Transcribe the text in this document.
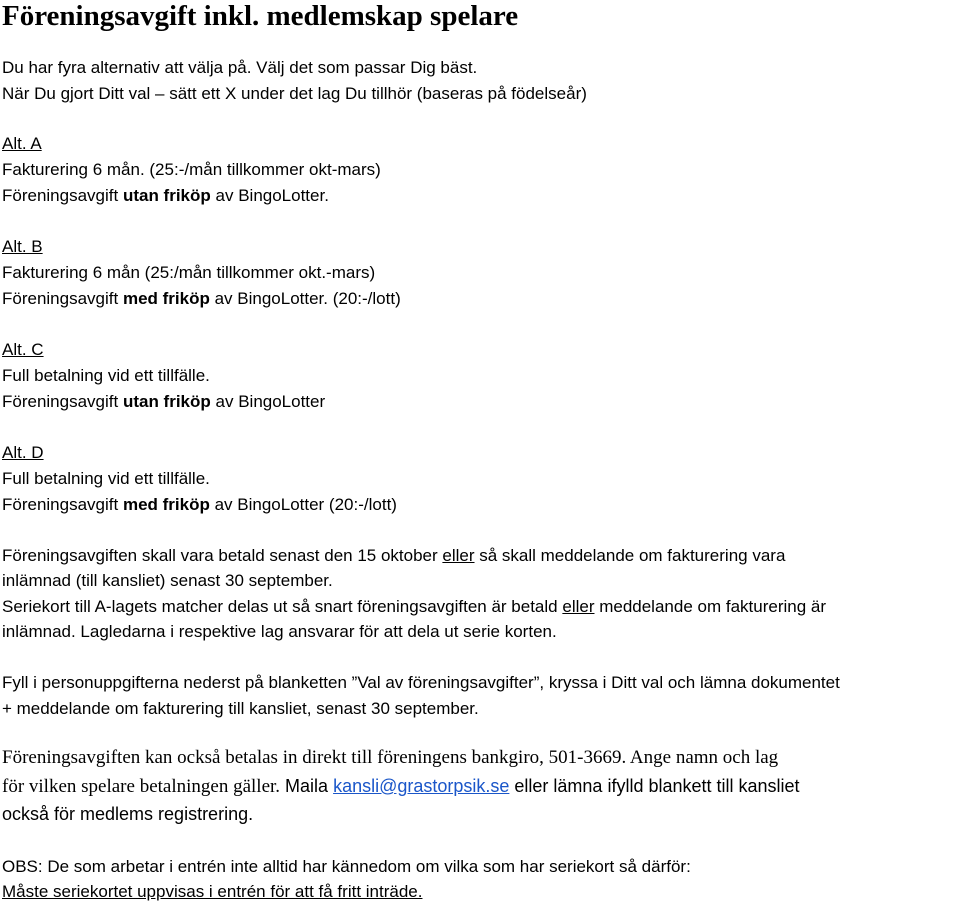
Föreningsavgift inkl. medlemskap spelare
Du har fyra alternativ att välja på. Välj det som passar Dig bäst.
När Du gjort Ditt val – sätt ett X under det lag Du tillhör (baseras på födelseår)
Alt. A
Fakturering 6 mån. (25:-/mån tillkommer okt-mars)
Föreningsavgift utan friköp av BingoLotter.
Alt. B
Fakturering 6 mån (25:/mån tillkommer okt.-mars)
Föreningsavgift med friköp av BingoLotter. (20:-/lott)
Alt. C
Full betalning vid ett tillfälle.
Föreningsavgift utan friköp av BingoLotter
Alt. D
Full betalning vid ett tillfälle.
Föreningsavgift med friköp av BingoLotter (20:-/lott)
Föreningsavgiften skall vara betald senast den 15 oktober eller så skall meddelande om fakturering vara
inlämnad (till kansliet) senast 30 september.
Seriekort till A-lagets matcher delas ut så snart föreningsavgiften är betald eller meddelande om fakturering är
inlämnad. Lagledarna i respektive lag ansvarar för att dela ut serie korten.
Fyll i personuppgifterna nederst på blanketten ”Val av föreningsavgifter”, kryssa i Ditt val och lämna dokumentet
+ meddelande om fakturering till kansliet, senast 30 september.
Föreningsavgiften kan också betalas in direkt till föreningens bankgiro, 501-3669. Ange namn och lag
för vilken spelare betalningen gäller. Maila kansli@grastorpsik.se eller lämna ifylld blankett till kansliet
också för medlems registrering.
OBS: De som arbetar i entrén inte alltid har kännedom om vilka som har seriekort så därför:
Måste seriekortet uppvisas i entrén för att få fritt inträde.
